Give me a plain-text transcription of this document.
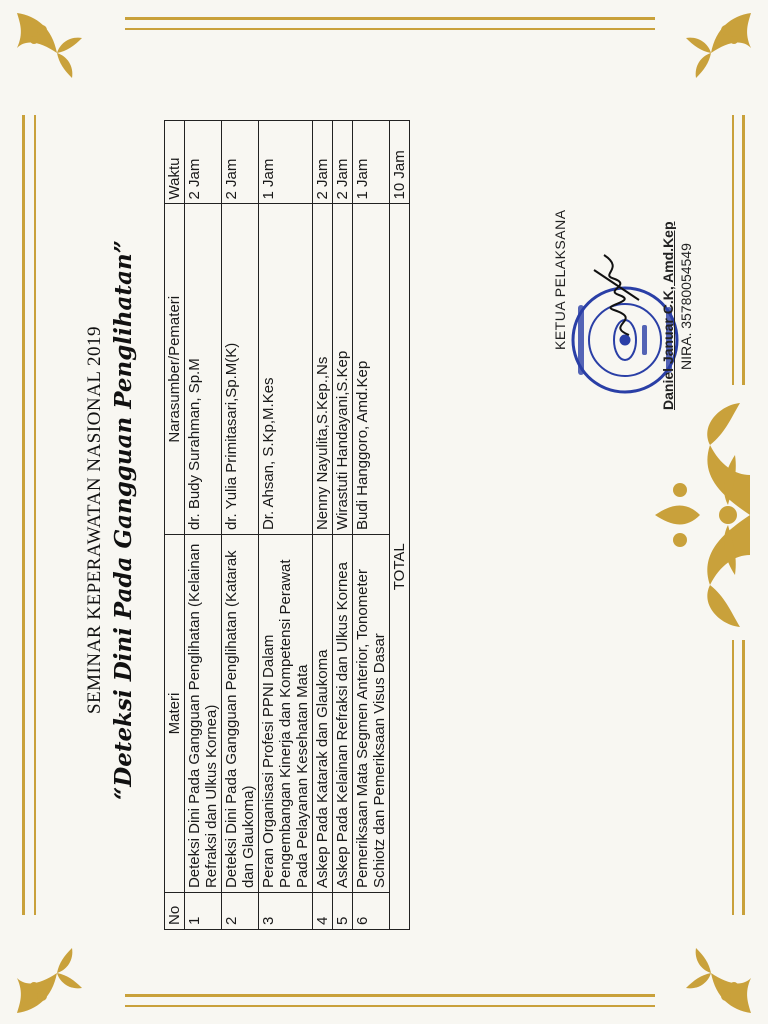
SEMINAR KEPERAWATAN NASIONAL 2019 “Deteksi Dini Pada Gangguan Penglihatan”
No	Materi	Narasumber/Pemateri	Waktu
1	Deteksi Dini Pada Gangguan Penglihatan (Kelainan Refraksi dan Ulkus Kornea)	dr. Budy Surahman, Sp.M	2 Jam
2	Deteksi Dini Pada Gangguan Penglihatan (Katarak dan Glaukoma)	dr. Yulia Primitasari,Sp.M(K)	2 Jam
3	Peran Organisasi Profesi PPNI Dalam Pengembangan Kinerja dan Kompetensi Perawat Pada Pelayanan Kesehatan Mata	Dr. Ahsan, S.Kp,M.Kes	1 Jam
4	Askep Pada Katarak dan Glaukoma	Nenny Nayulita,S.Kep.,Ns	2 Jam
5	Askep Pada Kelainan Refraksi dan Ulkus Kornea	Wirastuti Handayani,S.Kep	2 Jam
6	Pemeriksaan Mata Segmen Anterior, Tonometer Schiotz dan Pemeriksaan Visus Dasar	Budi Hanggoro, Amd.Kep	1 Jam
TOTAL			10 Jam
KETUA PELAKSANA	Daniel Januar C.K, Amd.Kep NIRA. 35780054549
